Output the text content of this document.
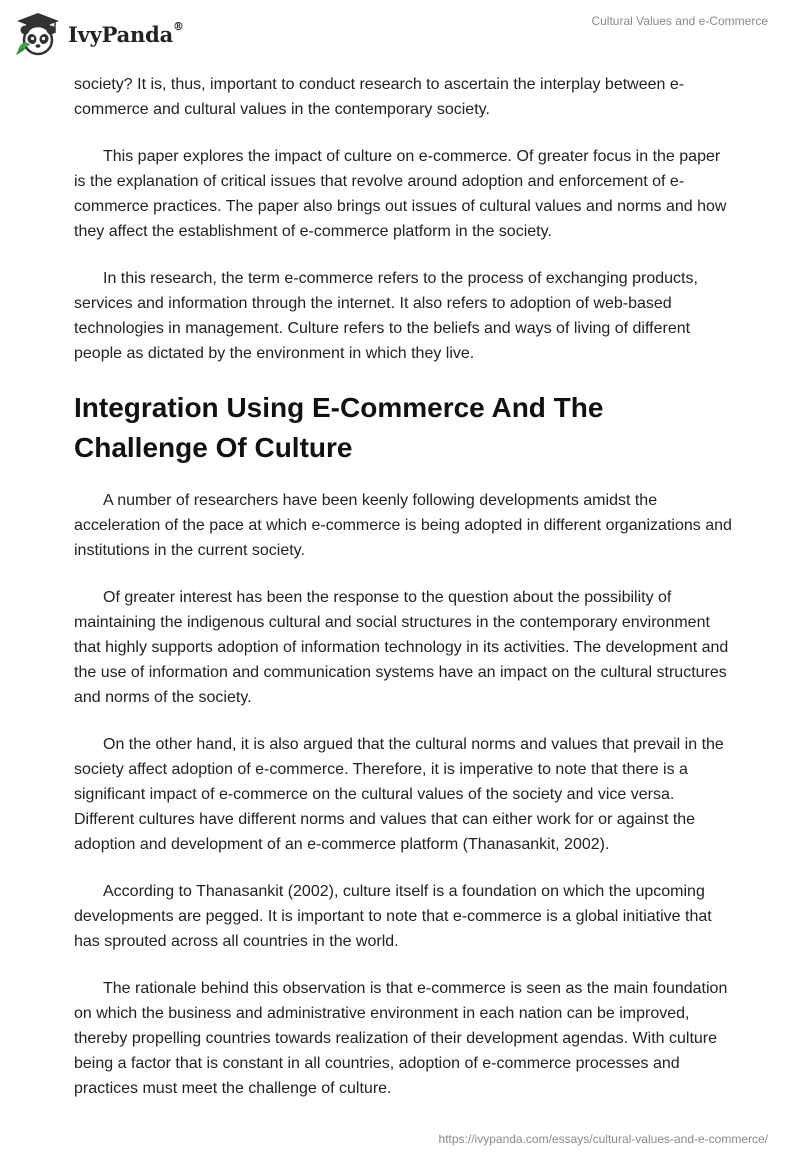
IvyPanda®	Cultural Values and e-Commerce

society? It is, thus, important to conduct research to ascertain the interplay between e-commerce and cultural values in the contemporary society.

This paper explores the impact of culture on e-commerce. Of greater focus in the paper is the explanation of critical issues that revolve around adoption and enforcement of e-commerce practices. The paper also brings out issues of cultural values and norms and how they affect the establishment of e-commerce platform in the society.

In this research, the term e-commerce refers to the process of exchanging products, services and information through the internet. It also refers to adoption of web-based technologies in management. Culture refers to the beliefs and ways of living of different people as dictated by the environment in which they live.

Integration Using E-Commerce And The Challenge Of Culture

A number of researchers have been keenly following developments amidst the acceleration of the pace at which e-commerce is being adopted in different organizations and institutions in the current society.

Of greater interest has been the response to the question about the possibility of maintaining the indigenous cultural and social structures in the contemporary environment that highly supports adoption of information technology in its activities. The development and the use of information and communication systems have an impact on the cultural structures and norms of the society.

On the other hand, it is also argued that the cultural norms and values that prevail in the society affect adoption of e-commerce. Therefore, it is imperative to note that there is a significant impact of e-commerce on the cultural values of the society and vice versa. Different cultures have different norms and values that can either work for or against the adoption and development of an e-commerce platform (Thanasankit, 2002).

According to Thanasankit (2002), culture itself is a foundation on which the upcoming developments are pegged. It is important to note that e-commerce is a global initiative that has sprouted across all countries in the world.

The rationale behind this observation is that e-commerce is seen as the main foundation on which the business and administrative environment in each nation can be improved, thereby propelling countries towards realization of their development agendas. With culture being a factor that is constant in all countries, adoption of e-commerce processes and practices must meet the challenge of culture.

https://ivypanda.com/essays/cultural-values-and-e-commerce/
